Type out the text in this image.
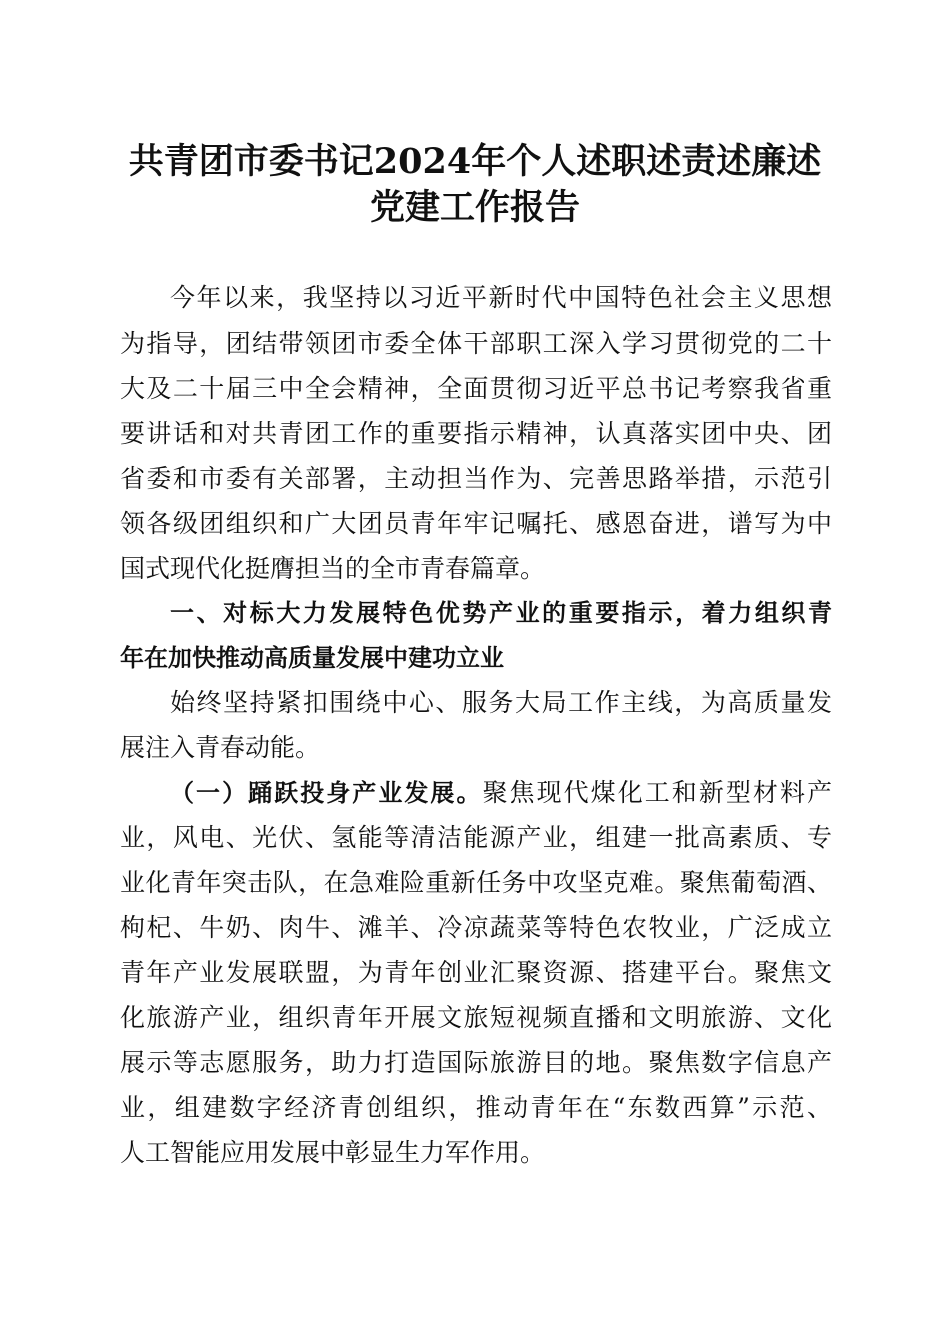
共青团市委书记2024年个人述职述责述廉述
党建工作报告
今年以来，我坚持以习近平新时代中国特色社会主义思想
为指导，团结带领团市委全体干部职工深入学习贯彻党的二十
大及二十届三中全会精神，全面贯彻习近平总书记考察我省重
要讲话和对共青团工作的重要指示精神，认真落实团中央、团
省委和市委有关部署，主动担当作为、完善思路举措，示范引
领各级团组织和广大团员青年牢记嘱托、感恩奋进，谱写为中
国式现代化挺膺担当的全市青春篇章。
一、对标大力发展特色优势产业的重要指示，着力组织青
年在加快推动高质量发展中建功立业
始终坚持紧扣围绕中心、服务大局工作主线，为高质量发
展注入青春动能。
（一）踊跃投身产业发展。聚焦现代煤化工和新型材料产
业，风电、光伏、氢能等清洁能源产业，组建一批高素质、专
业化青年突击队，在急难险重新任务中攻坚克难。聚焦葡萄酒、
枸杞、牛奶、肉牛、滩羊、冷凉蔬菜等特色农牧业，广泛成立
青年产业发展联盟，为青年创业汇聚资源、搭建平台。聚焦文
化旅游产业，组织青年开展文旅短视频直播和文明旅游、文化
展示等志愿服务，助力打造国际旅游目的地。聚焦数字信息产
业，组建数字经济青创组织，推动青年在“东数西算”示范、
人工智能应用发展中彰显生力军作用。
